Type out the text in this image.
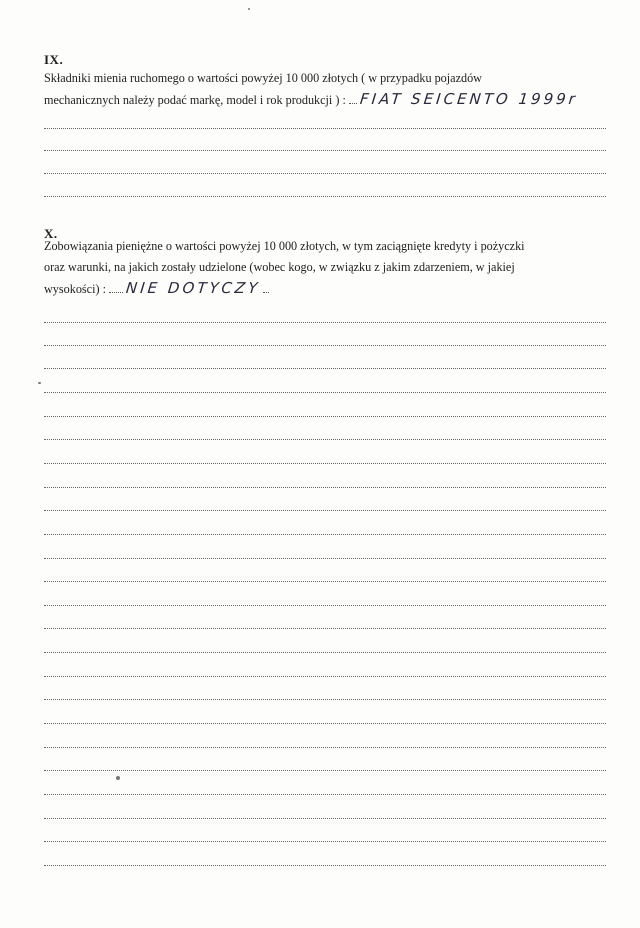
IX.
Składniki mienia ruchomego o wartości powyżej 10 000 złotych ( w przypadku pojazdów
mechanicznych należy podać markę, model i rok produkcji ) : FIAT SEICENTO 1999r
X.
Zobowiązania pieniężne o wartości powyżej 10 000 złotych, w tym zaciągnięte kredyty i pożyczki
oraz warunki, na jakich zostały udzielone (wobec kogo, w związku z jakim zdarzeniem, w jakiej
wysokości) : NIE DOTYCZY
